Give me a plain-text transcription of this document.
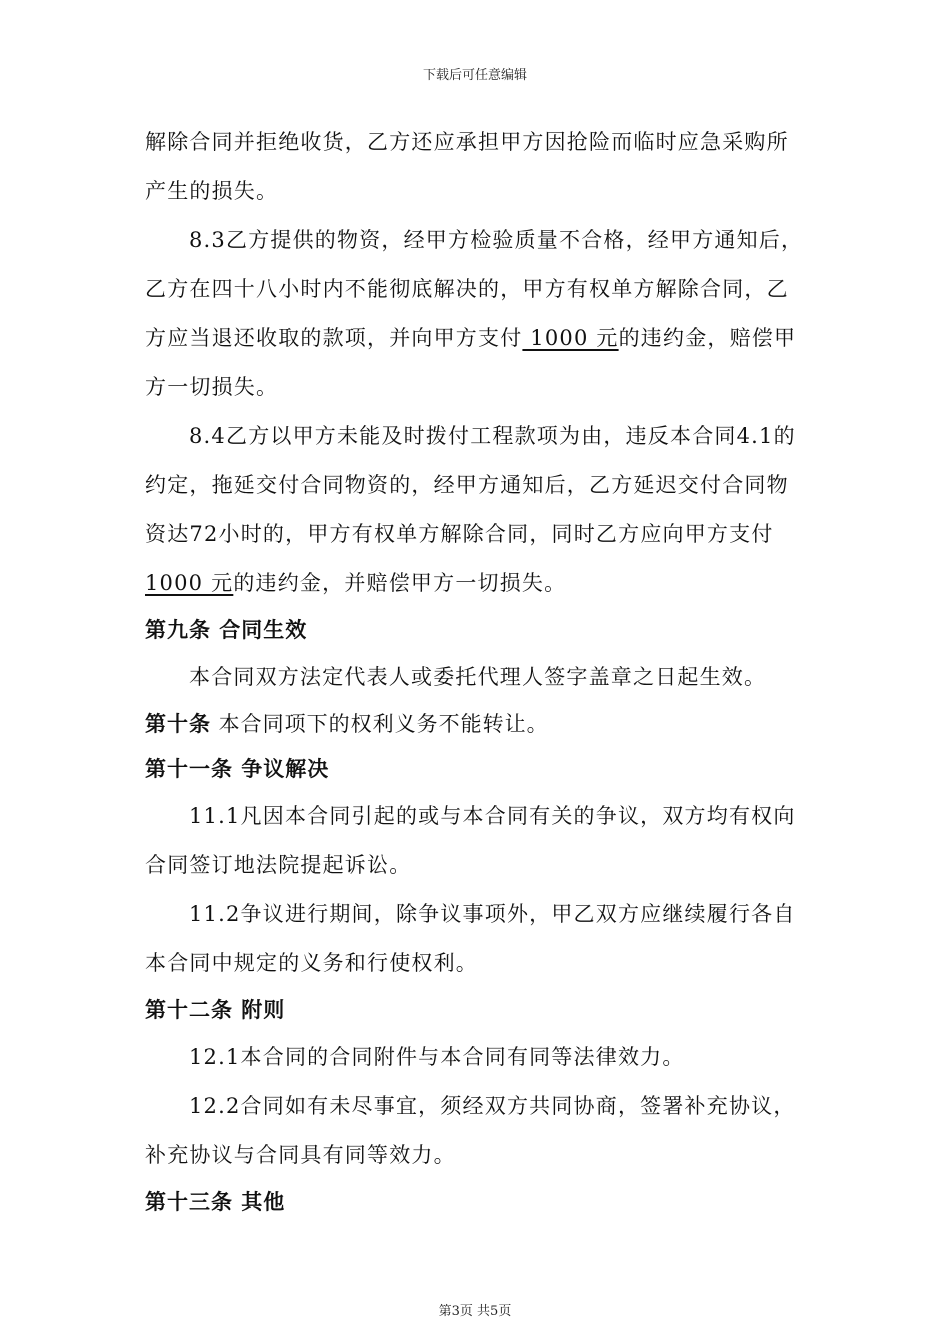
下载后可任意编辑
解除合同并拒绝收货，乙方还应承担甲方因抢险而临时应急采购所
产生的损失。
8.3乙方提供的物资，经甲方检验质量不合格，经甲方通知后，
乙方在四十八小时内不能彻底解决的，甲方有权单方解除合同，乙
方应当退还收取的款项，并向甲方支付 1000 元的违约金，赔偿甲
方一切损失。
8.4乙方以甲方未能及时拨付工程款项为由，违反本合同4.1的
约定，拖延交付合同物资的，经甲方通知后，乙方延迟交付合同物
资达72小时的，甲方有权单方解除合同，同时乙方应向甲方支付
1000 元的违约金，并赔偿甲方一切损失。
第九条 合同生效
本合同双方法定代表人或委托代理人签字盖章之日起生效。
第十条 本合同项下的权利义务不能转让。
第十一条 争议解决
11.1凡因本合同引起的或与本合同有关的争议，双方均有权向
合同签订地法院提起诉讼。
11.2争议进行期间，除争议事项外，甲乙双方应继续履行各自
本合同中规定的义务和行使权利。
第十二条 附则
12.1本合同的合同附件与本合同有同等法律效力。
12.2合同如有未尽事宜，须经双方共同协商，签署补充协议，
补充协议与合同具有同等效力。
第十三条 其他
第3页 共5页
